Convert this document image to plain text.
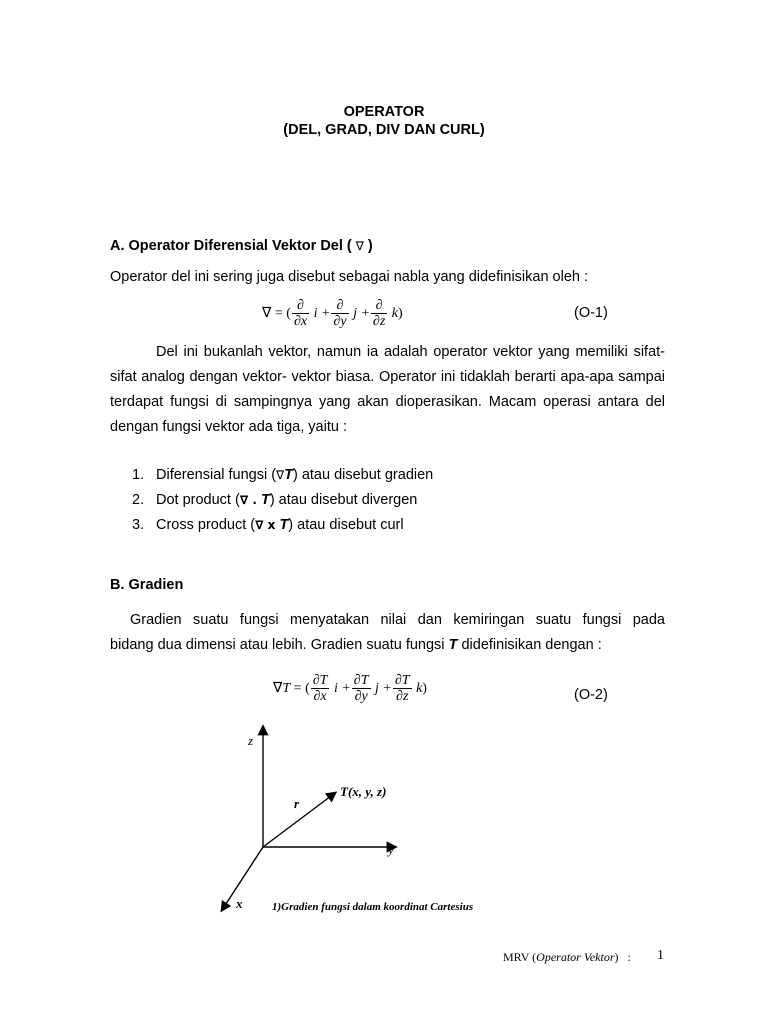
OPERATOR
(DEL, GRAD, DIV DAN CURL)
A. Operator Diferensial Vektor Del ( ∇ )
Operator del ini sering juga disebut sebagai nabla yang didefinisikan oleh :
∇ = ( $\frac{\partial}{\partial x}$ $i + \frac{\partial}{\partial y}$ $j + \frac{\partial}{\partial z}$ k )	(O-1)
Del ini bukanlah vektor, namun ia adalah operator vektor yang memiliki sifat-sifat analog dengan vektor- vektor biasa. Operator ini tidaklah berarti apa-apa sampai terdapat fungsi di sampingnya yang akan dioperasikan. Macam operasi antara del dengan fungsi vektor ada tiga, yaitu :
1. Diferensial fungsi (∇T) atau disebut gradien
2. Dot product (∇ . T) atau disebut divergen
3. Cross product (∇ x T) atau disebut curl
B. Gradien
Gradien suatu fungsi menyatakan nilai dan kemiringan suatu fungsi pada
bidang dua dimensi atau lebih. Gradien suatu fungsi T didefinisikan dengan :
∇ T = ( $\frac{\partial T}{\partial x}$ $i + \frac{\partial T}{\partial y}$ $j + \frac{\partial T}{\partial z}$ k )	(O-2)
z
y
x
r
T(x, y, z)
1)Gradien fungsi dalam koordinat Cartesius
MRV (Operator Vektor) : 1
